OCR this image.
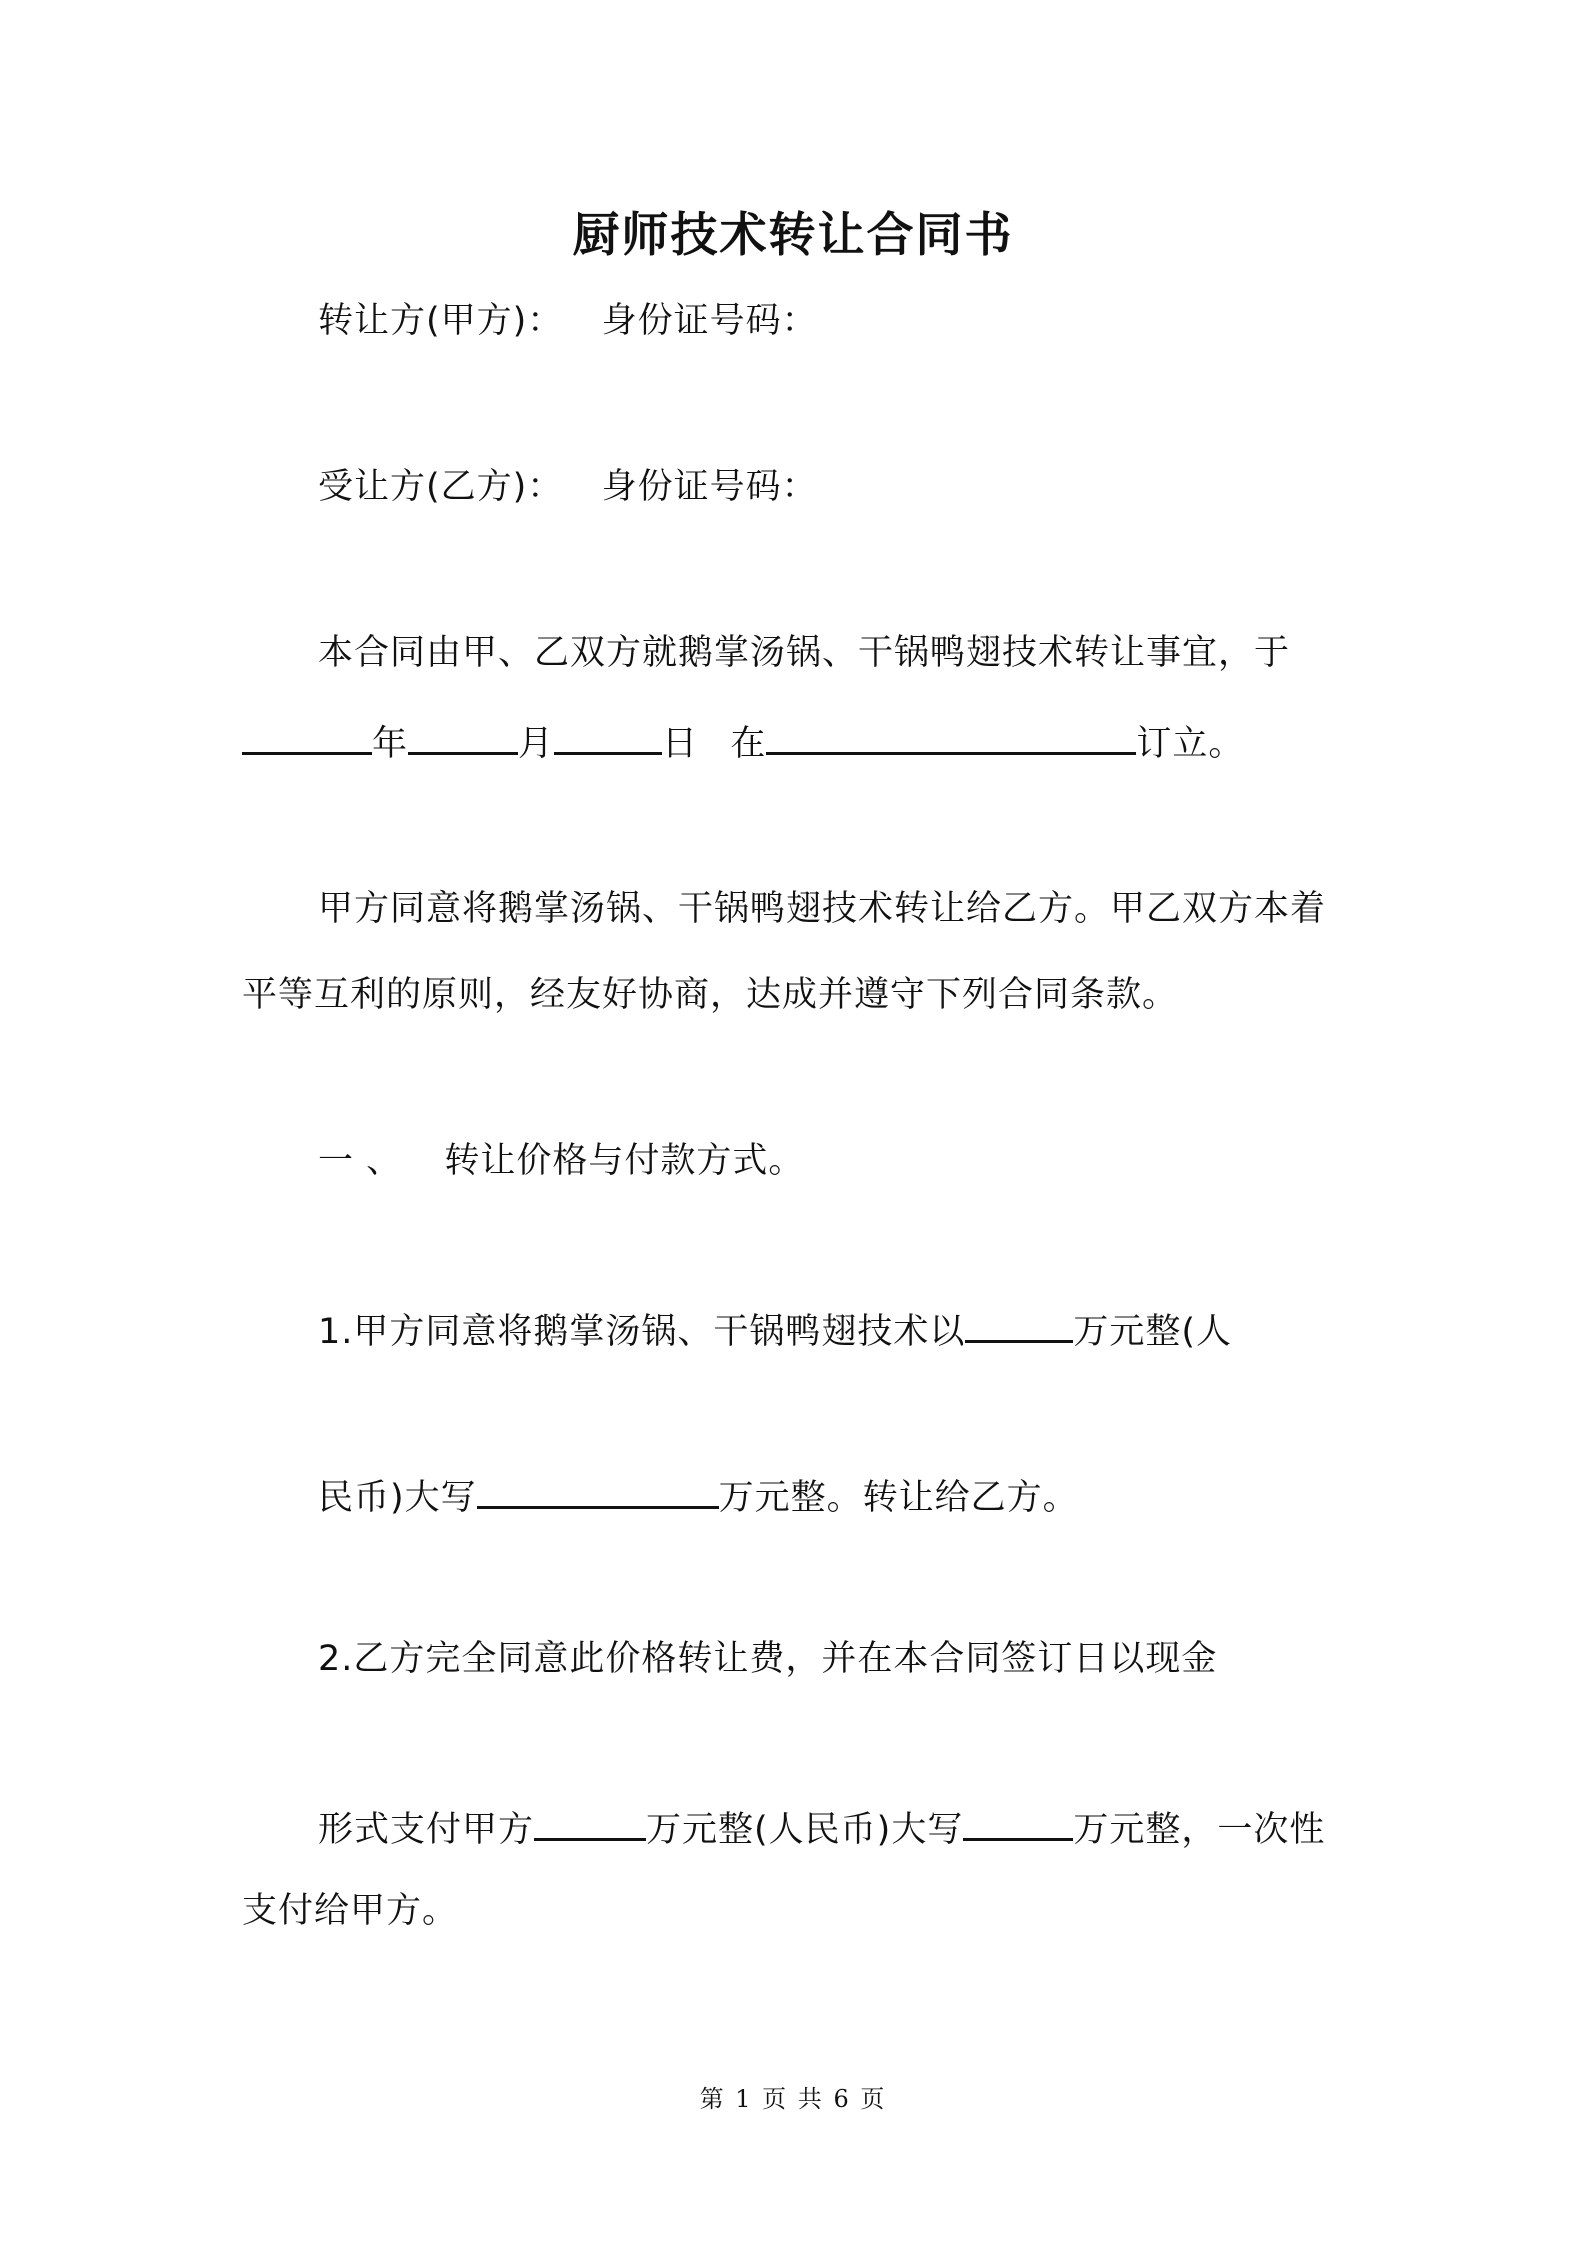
厨师技术转让合同书
转让方(甲方)： 身份证号码：
受让方(乙方)： 身份证号码：
本合同由甲、乙双方就鹅掌汤锅、干锅鸭翅技术转让事宜，于
年	月	日 在	订立。
甲方同意将鹅掌汤锅、干锅鸭翅技术转让给乙方。甲乙双方本着
平等互利的原则，经友好协商，达成并遵守下列合同条款。
一 、 转让价格与付款方式。
1.甲方同意将鹅掌汤锅、干锅鸭翅技术以	万元整(人
民币)大写	万元整。转让给乙方。
2.乙方完全同意此价格转让费，并在本合同签订日以现金
形式支付甲方	万元整(人民币)大写	万元整，一次性
支付给甲方。
第 1 页 共 6 页
